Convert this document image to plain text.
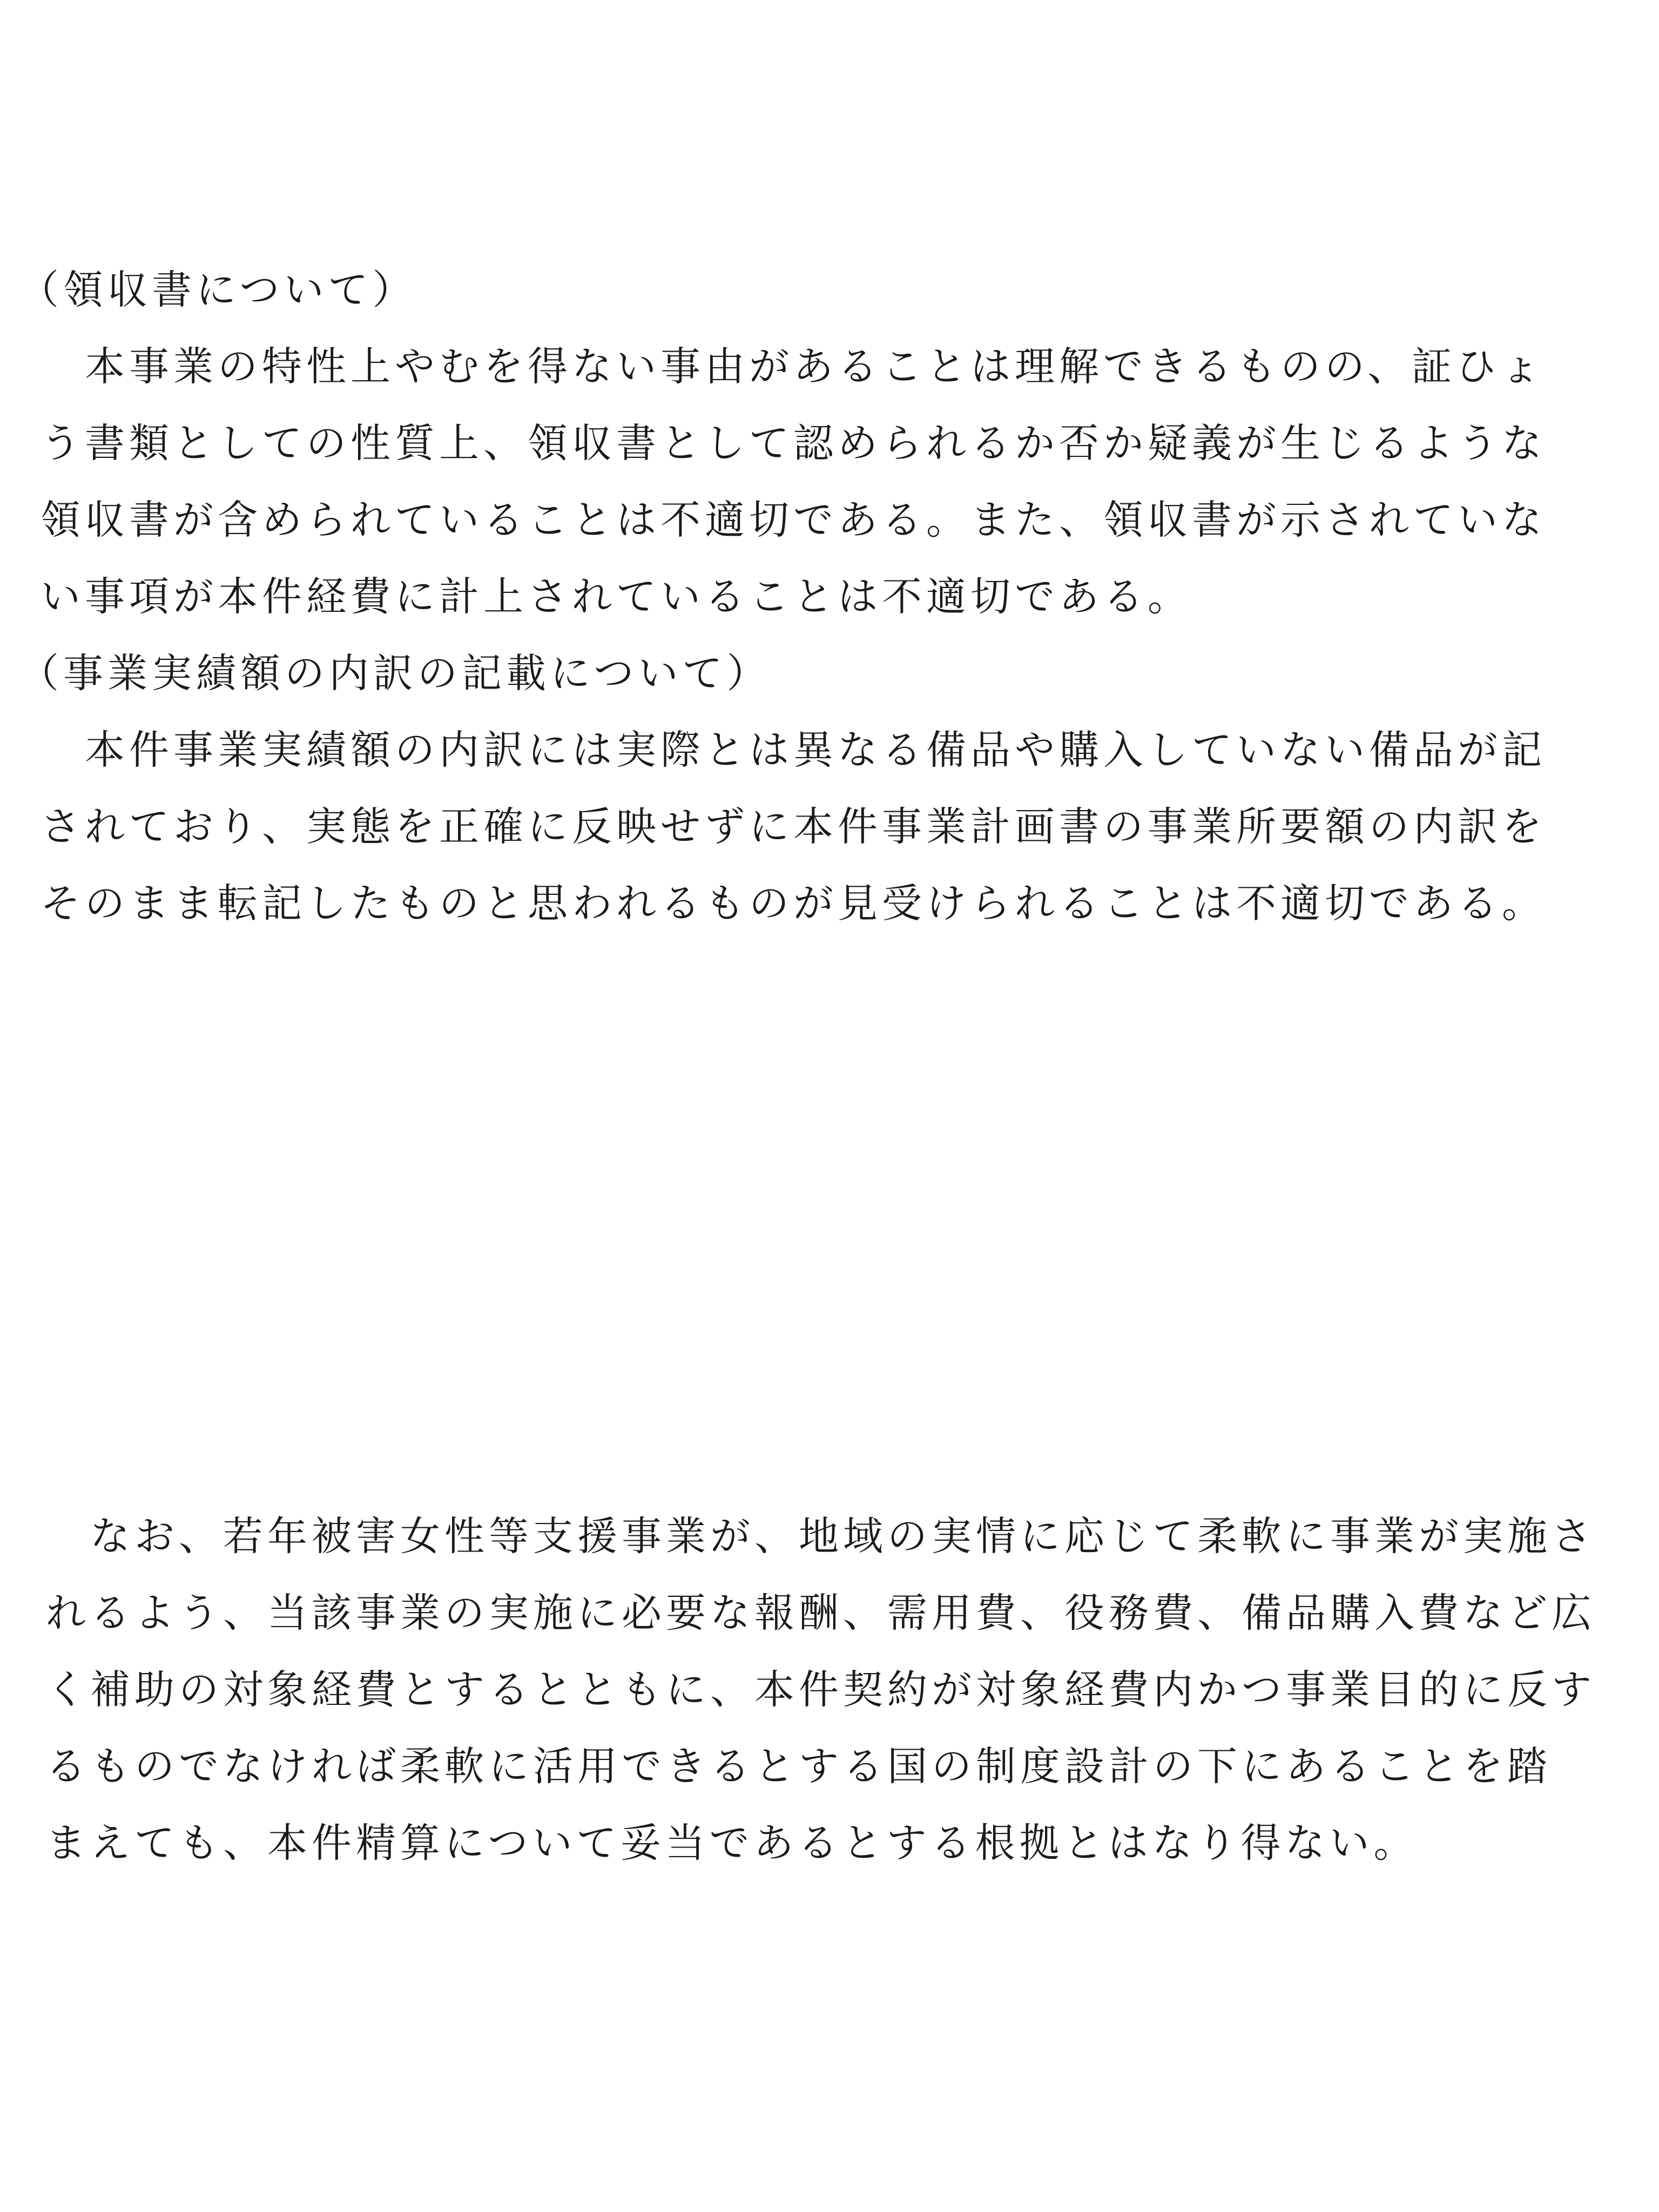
（領収書について）
　本事業の特性上やむを得ない事由があることは理解できるものの、証ひょ
う書類としての性質上、領収書として認められるか否か疑義が生じるような
領収書が含められていることは不適切である。また、領収書が示されていな
い事項が本件経費に計上されていることは不適切である。
（事業実績額の内訳の記載について）
　本件事業実績額の内訳には実際とは異なる備品や購入していない備品が記
されており、実態を正確に反映せずに本件事業計画書の事業所要額の内訳を
そのまま転記したものと思われるものが見受けられることは不適切である。
　なお、若年被害女性等支援事業が、地域の実情に応じて柔軟に事業が実施さ
れるよう、当該事業の実施に必要な報酬、需用費、役務費、備品購入費など広
く補助の対象経費とするとともに、本件契約が対象経費内かつ事業目的に反す
るものでなければ柔軟に活用できるとする国の制度設計の下にあることを踏
まえても、本件精算について妥当であるとする根拠とはなり得ない。
